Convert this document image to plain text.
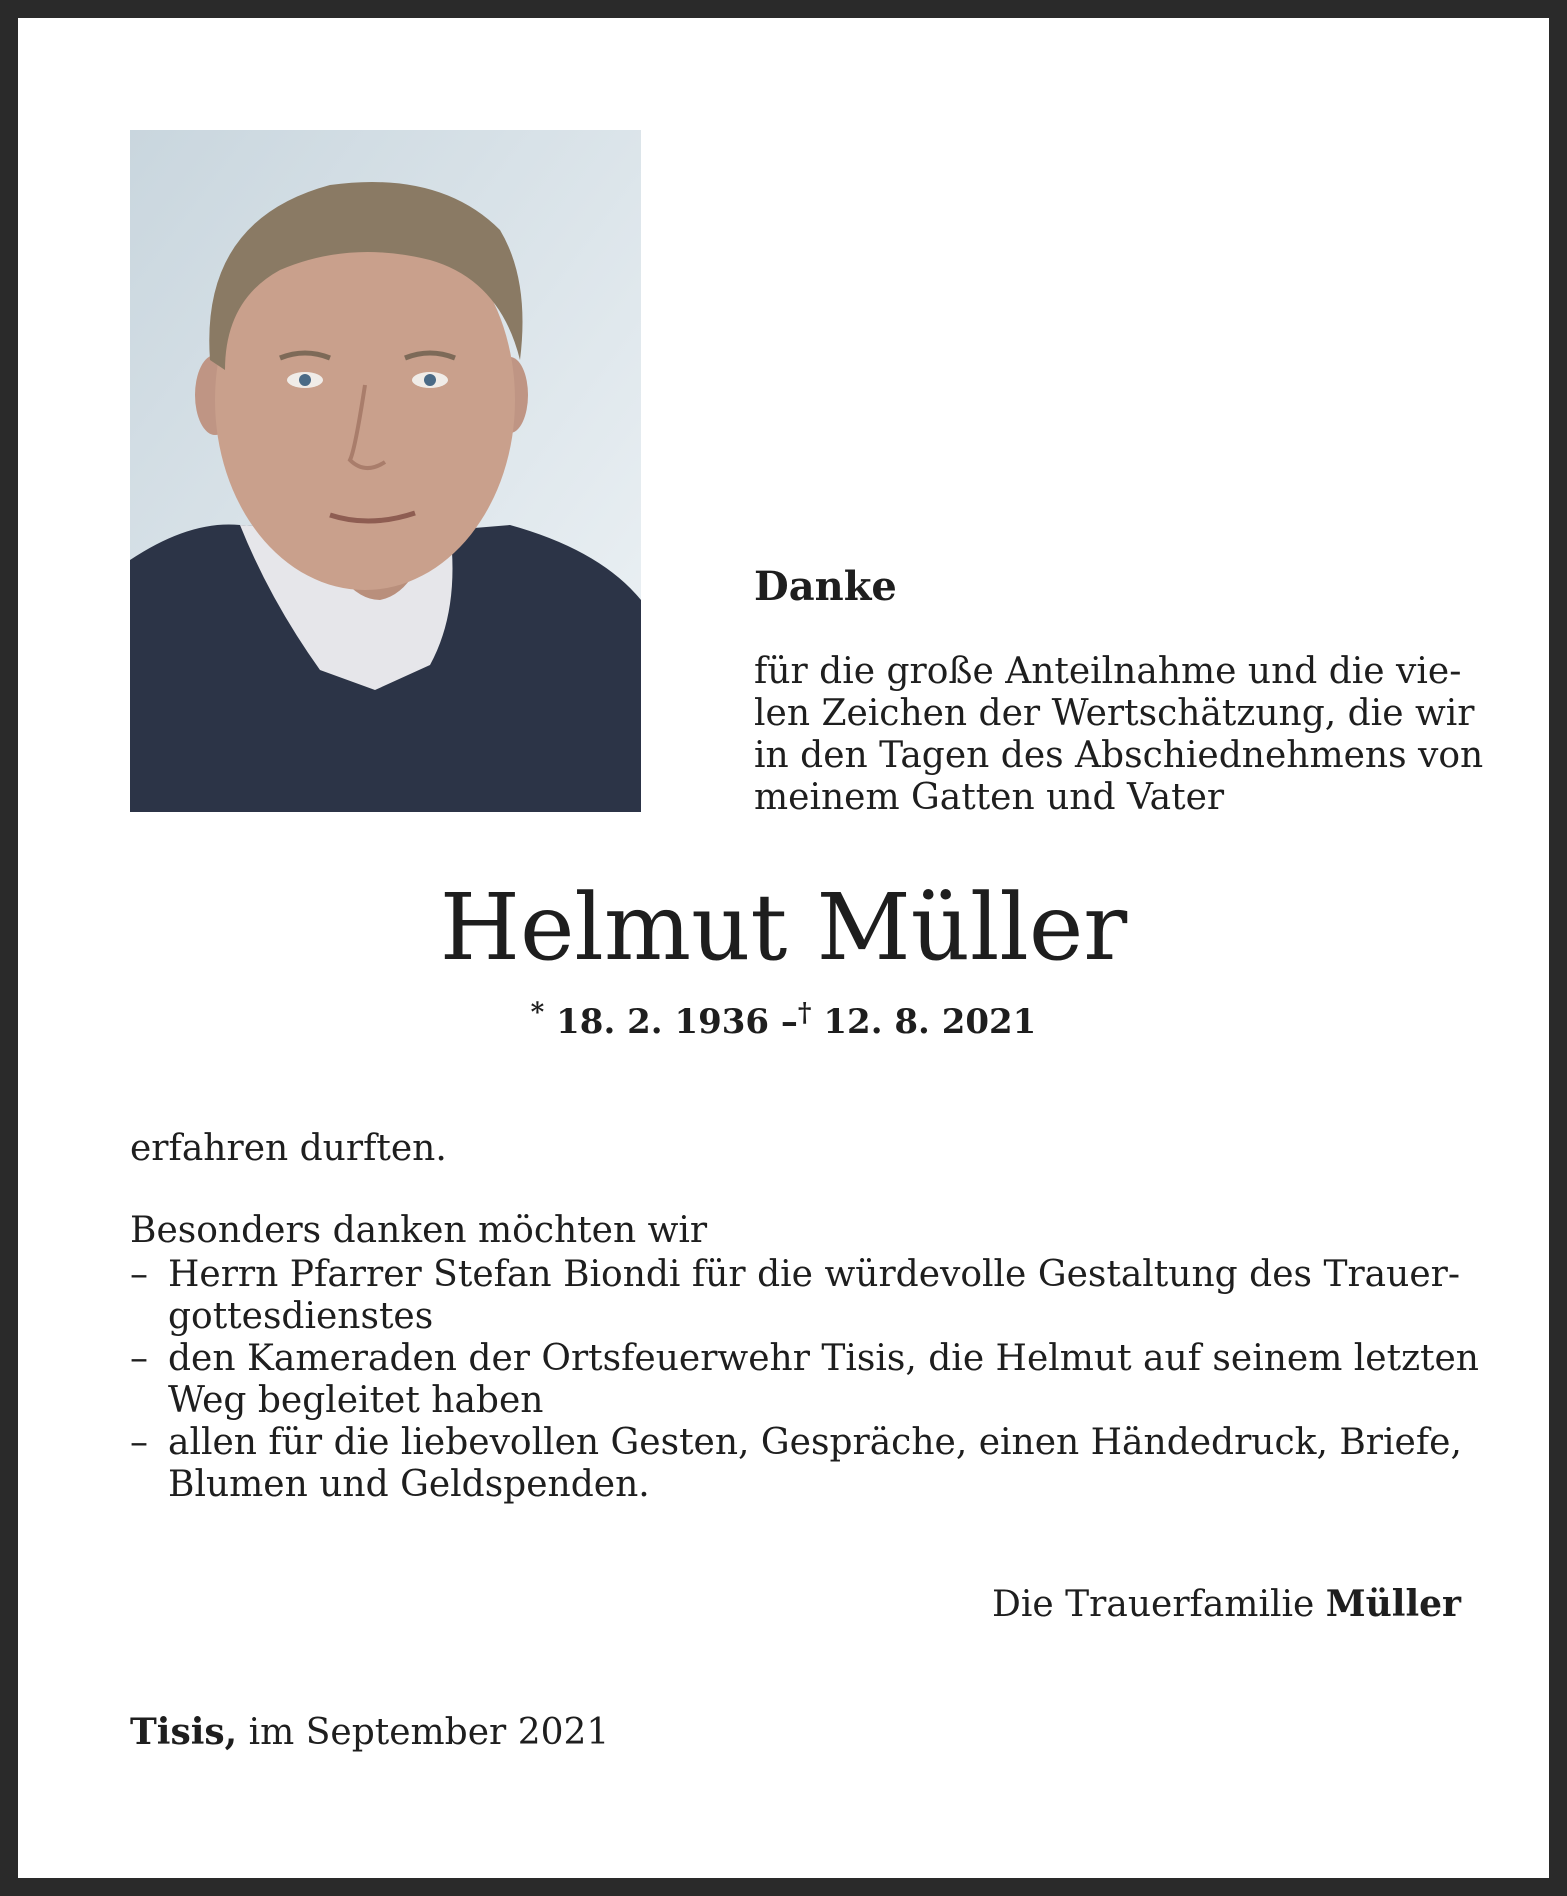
Danke
für die große Anteilnahme und die vie-
len Zeichen der Wertschätzung, die wir
in den Tagen des Abschiednehmens von
meinem Gatten und Vater
Helmut Müller
* 18. 2. 1936 –† 12. 8. 2021
erfahren durften.
Besonders danken möchten wir
– Herrn Pfarrer Stefan Biondi für die würdevolle Gestaltung des Trauer-
gottesdienstes
– den Kameraden der Ortsfeuerwehr Tisis, die Helmut auf seinem letzten
Weg begleitet haben
– allen für die liebevollen Gesten, Gespräche, einen Händedruck, Briefe,
Blumen und Geldspenden.
Die Trauerfamilie Müller
Tisis, im September 2021
